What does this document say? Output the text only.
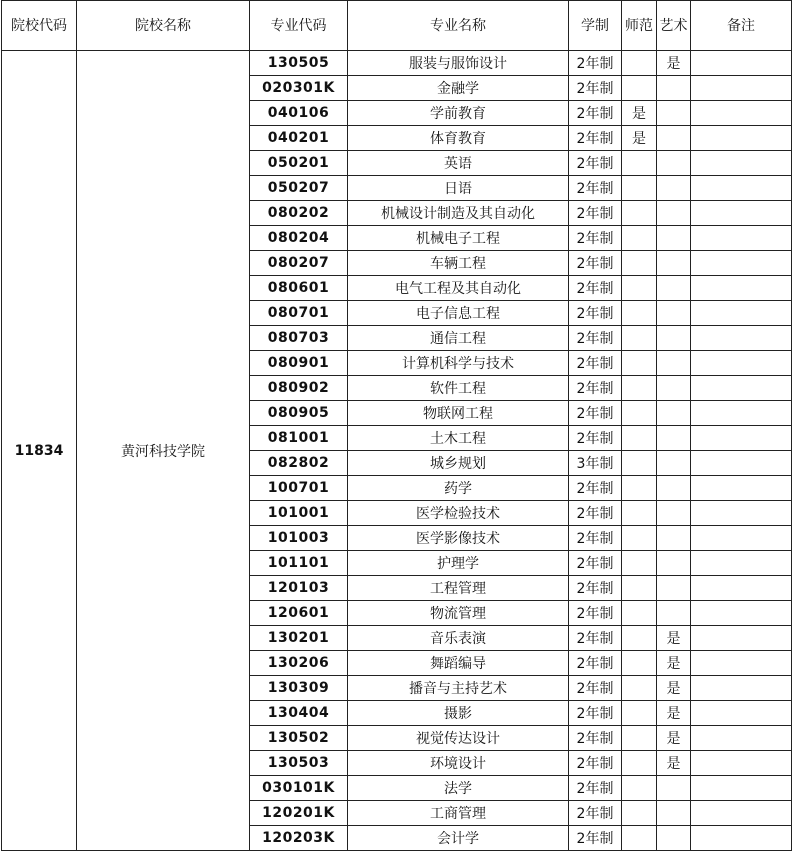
院校代码	院校名称	专业代码	专业名称	学制	师范	艺术	备注
11834	黄河科技学院	130505	服装与服饰设计	2年制		是	
		020301K	金融学	2年制			
		040106	学前教育	2年制	是		
		040201	体育教育	2年制	是		
		050201	英语	2年制			
		050207	日语	2年制			
		080202	机械设计制造及其自动化	2年制			
		080204	机械电子工程	2年制			
		080207	车辆工程	2年制			
		080601	电气工程及其自动化	2年制			
		080701	电子信息工程	2年制			
		080703	通信工程	2年制			
		080901	计算机科学与技术	2年制			
		080902	软件工程	2年制			
		080905	物联网工程	2年制			
		081001	土木工程	2年制			
		082802	城乡规划	3年制			
		100701	药学	2年制			
		101001	医学检验技术	2年制			
		101003	医学影像技术	2年制			
		101101	护理学	2年制			
		120103	工程管理	2年制			
		120601	物流管理	2年制			
		130201	音乐表演	2年制		是	
		130206	舞蹈编导	2年制		是	
		130309	播音与主持艺术	2年制		是	
		130404	摄影	2年制		是	
		130502	视觉传达设计	2年制		是	
		130503	环境设计	2年制		是	
		030101K	法学	2年制			
		120201K	工商管理	2年制			
		120203K	会计学	2年制			
